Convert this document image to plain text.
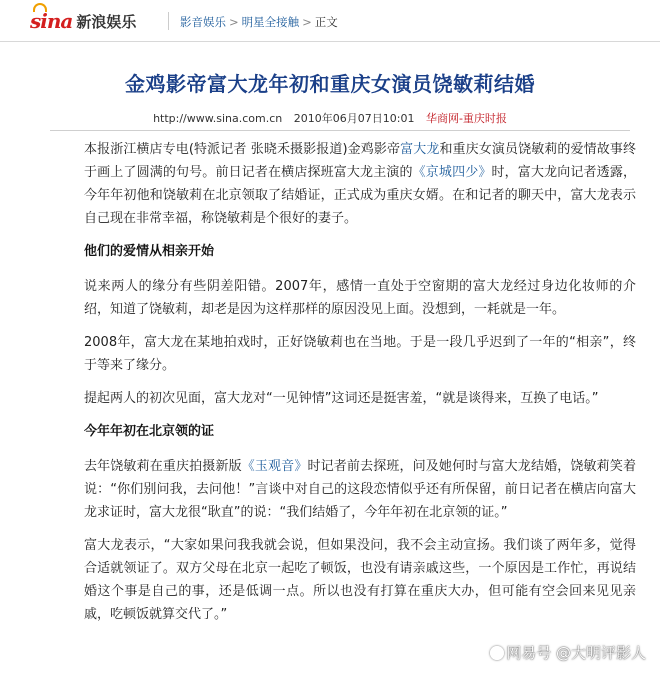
sina 新浪娱乐	影音娱乐 > 明星全接触 > 正文
金鸡影帝富大龙年初和重庆女演员饶敏莉结婚
http://www.sina.com.cn 2010年06月07日10:01 华商网-重庆时报

本报浙江横店专电(特派记者 张晓禾摄影报道)金鸡影帝富大龙和重庆女演员饶敏莉的爱情故事终于画上了圆满的句号。前日记者在横店探班富大龙主演的《京城四少》时，富大龙向记者透露，今年年初他和饶敏莉在北京领取了结婚证，正式成为重庆女婿。在和记者的聊天中，富大龙表示自己现在非常幸福，称饶敏莉是个很好的妻子。

他们的爱情从相亲开始

说来两人的缘分有些阴差阳错。2007年，感情一直处于空窗期的富大龙经过身边化妆师的介绍，知道了饶敏莉，却老是因为这样那样的原因没见上面。没想到，一耗就是一年。

2008年，富大龙在某地拍戏时，正好饶敏莉也在当地。于是一段几乎迟到了一年的“相亲”，终于等来了缘分。

提起两人的初次见面，富大龙对“一见钟情”这词还是挺害羞，“就是谈得来，互换了电话。”

今年年初在北京领的证

去年饶敏莉在重庆拍摄新版《玉观音》时记者前去探班，问及她何时与富大龙结婚，饶敏莉笑着说：“你们别问我，去问他！”言谈中对自己的这段恋情似乎还有所保留，前日记者在横店向富大龙求证时，富大龙很“耿直”的说：“我们结婚了，今年年初在北京领的证。”

富大龙表示，“大家如果问我我就会说，但如果没问，我不会主动宣扬。我们谈了两年多，觉得合适就领证了。双方父母在北京一起吃了顿饭，也没有请亲戚这些，一个原因是工作忙，再说结婚这个事是自己的事，还是低调一点。所以也没有打算在重庆大办，但可能有空会回来见见亲戚，吃顿饭就算交代了。”

网易号 @大明评影人
